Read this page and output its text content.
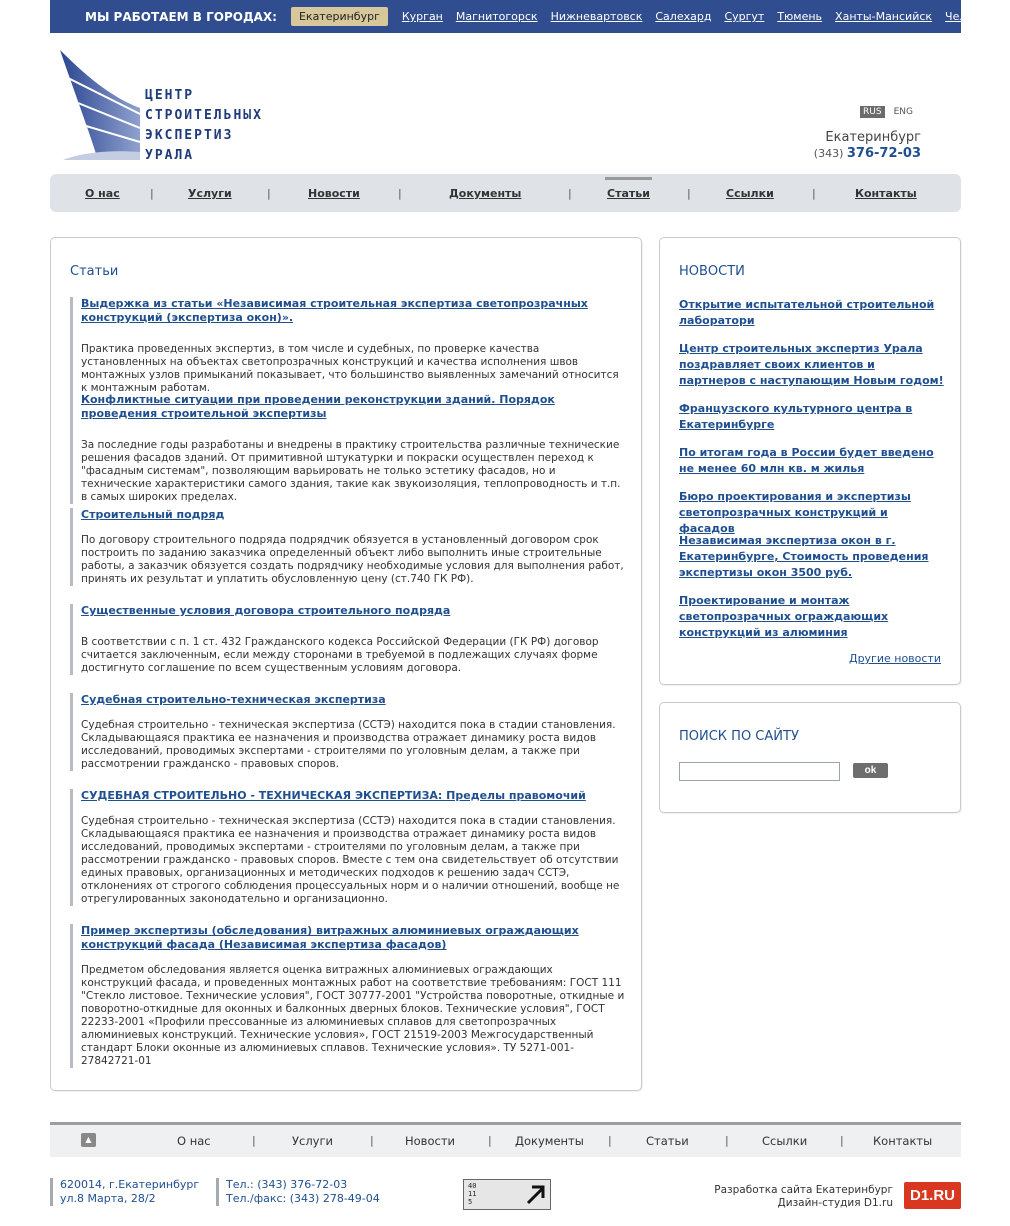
МЫ РАБОТАЕМ В ГОРОДАХ:	Екатеринбург	Курган Магнитогорск Нижневартовск Салехард Сургут Тюмень Ханты-Мансийск Челябинск
ЦЕНТР
СТРОИТЕЛЬНЫХ
ЭКСПЕРТИЗ
УРАЛА
RUS	ENG
Екатеринбург
(343) 376-72-03
О нас	|	Услуги	|	Новости	|	Документы	|	Статьи	|	Ссылки	|	Контакты
Статьи
Выдержка из статьи «Независимая строительная экспертиза светопрозрачных конструкций (экспертиза окон)».
Практика проведенных экспертиз, в том числе и судебных, по проверке качества установленных на объектах светопрозрачных конструкций и качества исполнения швов монтажных узлов примыканий показывает, что большинство выявленных замечаний относится к монтажным работам.
Конфликтные ситуации при проведении реконструкции зданий. Порядок проведения строительной экспертизы
За последние годы разработаны и внедрены в практику строительства различные технические решения фасадов зданий. От примитивной штукатурки и покраски осуществлен переход к "фасадным системам", позволяющим варьировать не только эстетику фасадов, но и технические характеристики самого здания, такие как звукоизоляция, теплопроводность и т.п. в самых широких пределах.
Строительный подряд
По договору строительного подряда подрядчик обязуется в установленный договором срок построить по заданию заказчика определенный объект либо выполнить иные строительные работы, а заказчик обязуется создать подрядчику необходимые условия для выполнения работ, принять их результат и уплатить обусловленную цену (ст.740 ГК РФ).
Существенные условия договора строительного подряда
В соответствии с п. 1 ст. 432 Гражданского кодекса Российской Федерации (ГК РФ) договор считается заключенным, если между сторонами в требуемой в подлежащих случаях форме достигнуто соглашение по всем существенным условиям договора.
Судебная строительно-техническая экспертиза
Судебная строительно - техническая экспертиза (ССТЭ) находится пока в стадии становления. Складывающаяся практика ее назначения и производства отражает динамику роста видов исследований, проводимых экспертами - строителями по уголовным делам, а также при рассмотрении гражданско - правовых споров.
СУДЕБНАЯ СТРОИТЕЛЬНО - ТЕХНИЧЕСКАЯ ЭКСПЕРТИЗА: Пределы правомочий
Судебная строительно - техническая экспертиза (ССТЭ) находится пока в стадии становления. Складывающаяся практика ее назначения и производства отражает динамику роста видов исследований, проводимых экспертами - строителями по уголовным делам, а также при рассмотрении гражданско - правовых споров. Вместе с тем она свидетельствует об отсутствии единых правовых, организационных и методических подходов к решению задач ССТЭ, отклонениях от строгого соблюдения процессуальных норм и о наличии отношений, вообще не отрегулированных законодательно и организационно.
Пример экспертизы (обследования) витражных алюминиевых ограждающих конструкций фасада (Независимая экспертиза фасадов)
Предметом обследования является оценка витражных алюминиевых ограждающих конструкций фасада, и проведенных монтажных работ на соответствие требованиям: ГОСТ 111 "Стекло листовое. Технические условия", ГОСТ 30777-2001 "Устройства поворотные, откидные и поворотно-откидные для оконных и балконных дверных блоков. Технические условия", ГОСТ 22233-2001 «Профили прессованные из алюминиевых сплавов для светопрозрачных алюминиевых конструкций. Технические условия», ГОСТ 21519-2003 Межгосударственный стандарт Блоки оконные из алюминиевых сплавов. Технические условия». ТУ 5271-001-27842721-01
НОВОСТИ
Открытие испытательной строительной лаборатори
Центр строительных экспертиз Урала поздравляет своих клиентов и партнеров с наступающим Новым годом!
Французского культурного центра в Екатеринбурге
По итогам года в России будет введено не менее 60 млн кв. м жилья
Бюро проектирования и экспертизы светопрозрачных конструкций и фасадов
Независимая экспертиза окон в г. Екатеринбурге, Стоимость проведения экспертизы окон 3500 руб.
Проектирование и монтаж светопрозрачных ограждающих конструкций из алюминия
Другие новости
ПОИСК ПО САЙТУ
ok
▲	О нас	|	Услуги	|	Новости	| Документы |	Статьи	|	Ссылки	|	Контакты
620014, г.Екатеринбург
ул.8 Марта, 28/2
Тел.: (343) 376-72-03
Тел./факс: (343) 278-49-04
40
11
5
Разработка сайта Екатеринбург
Дизайн-студия D1.ru	D1.RU
